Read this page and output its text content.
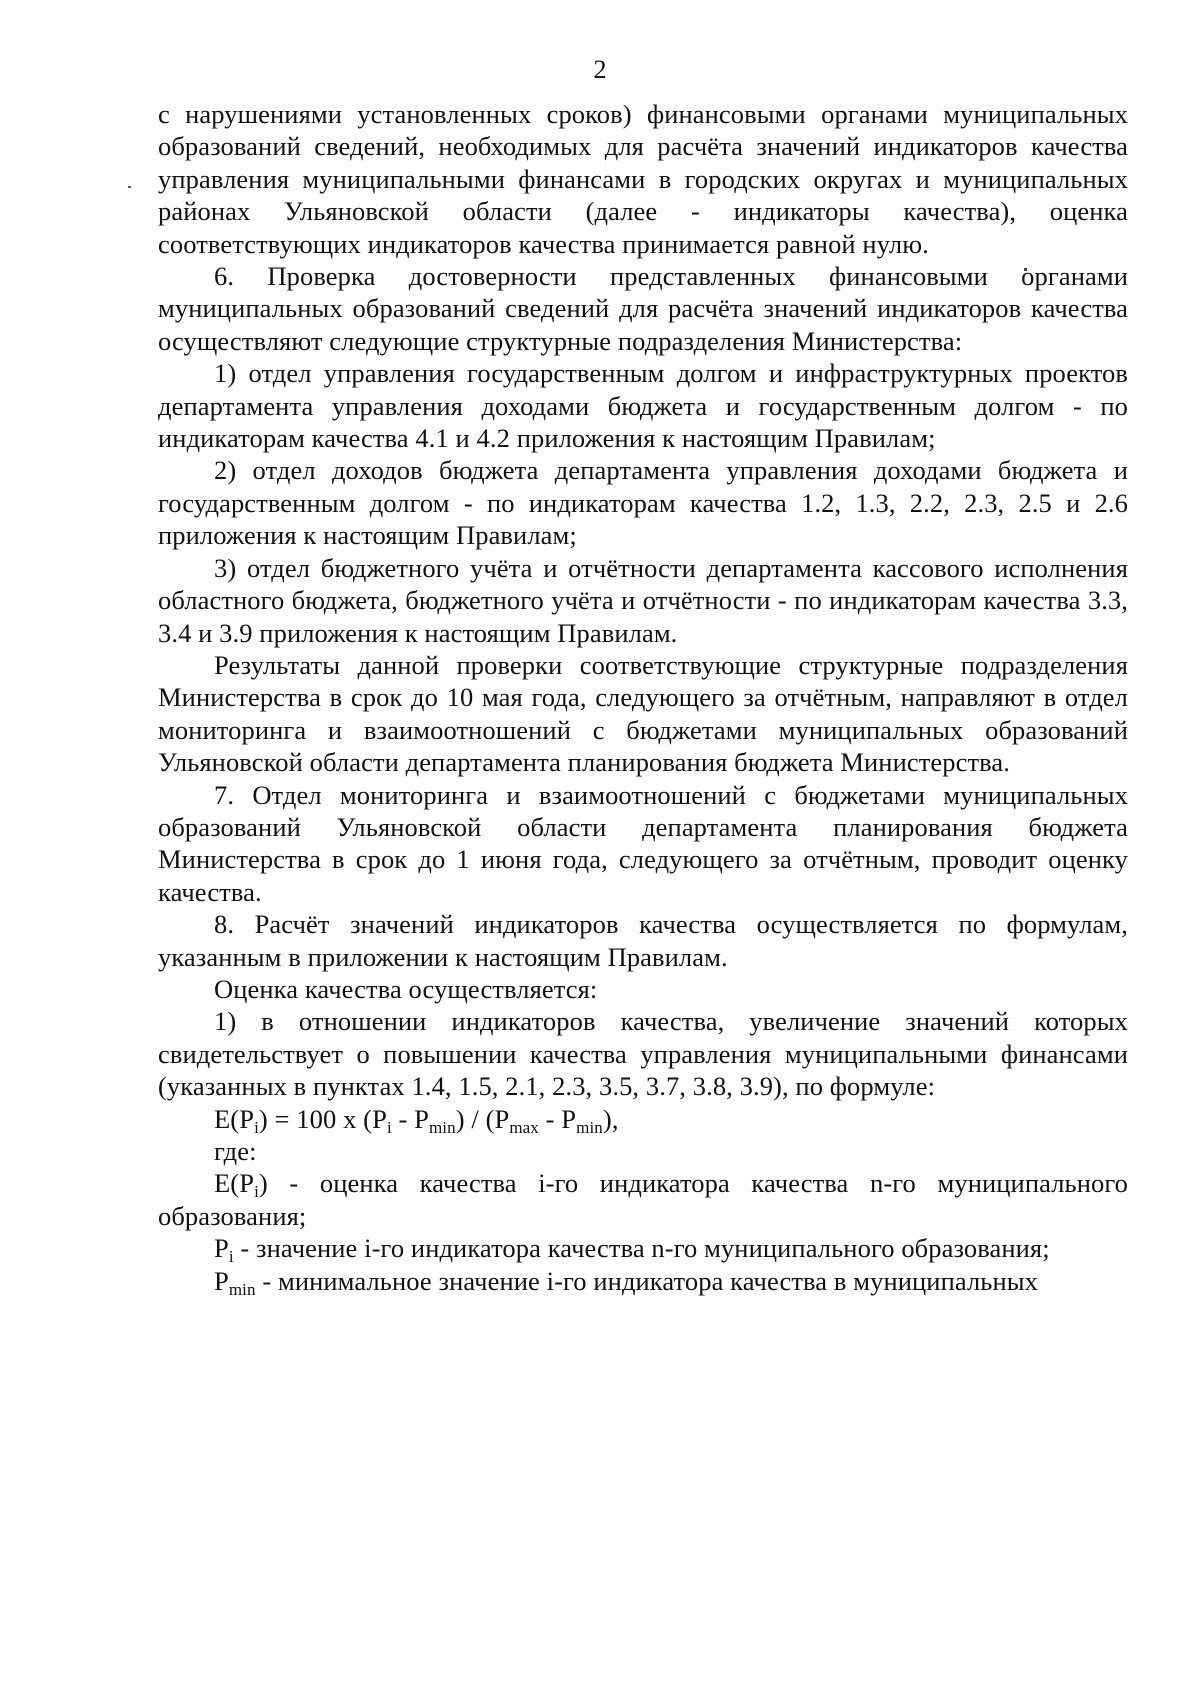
2

с нарушениями установленных сроков) финансовыми органами муниципальных образований сведений, необходимых для расчёта значений индикаторов качества управления муниципальными финансами в городских округах и муниципальных районах Ульяновской области (далее - индикаторы качества), оценка соответствующих индикаторов качества принимается равной нулю.

6. Проверка достоверности представленных финансовыми органами муниципальных образований сведений для расчёта значений индикаторов качества осуществляют следующие структурные подразделения Министерства:

1) отдел управления государственным долгом и инфраструктурных проектов департамента управления доходами бюджета и государственным долгом - по индикаторам качества 4.1 и 4.2 приложения к настоящим Правилам;

2) отдел доходов бюджета департамента управления доходами бюджета и государственным долгом - по индикаторам качества 1.2, 1.3, 2.2, 2.3, 2.5 и 2.6 приложения к настоящим Правилам;

3) отдел бюджетного учёта и отчётности департамента кассового исполнения областного бюджета, бюджетного учёта и отчётности - по индикаторам качества 3.3, 3.4 и 3.9 приложения к настоящим Правилам.

Результаты данной проверки соответствующие структурные подразделения Министерства в срок до 10 мая года, следующего за отчётным, направляют в отдел мониторинга и взаимоотношений с бюджетами муниципальных образований Ульяновской области департамента планирования бюджета Министерства.

7. Отдел мониторинга и взаимоотношений с бюджетами муниципальных образований Ульяновской области департамента планирования бюджета Министерства в срок до 1 июня года, следующего за отчётным, проводит оценку качества.

8. Расчёт значений индикаторов качества осуществляется по формулам, указанным в приложении к настоящим Правилам.

Оценка качества осуществляется:

1) в отношении индикаторов качества, увеличение значений которых свидетельствует о повышении качества управления муниципальными финансами (указанных в пунктах 1.4, 1.5, 2.1, 2.3, 3.5, 3.7, 3.8, 3.9), по формуле:

$E(P_i) = 100$ x $(P_i - P_{min}) / (P_{max} - P_{min})$,

где:

$E(P_i)$ - оценка качества i-го индикатора качества n-го муниципального образования;

$P_i$ - значение i-го индикатора качества n-го муниципального образования;

$P_{min}$ - минимальное значение i-го индикатора качества в муниципальных
